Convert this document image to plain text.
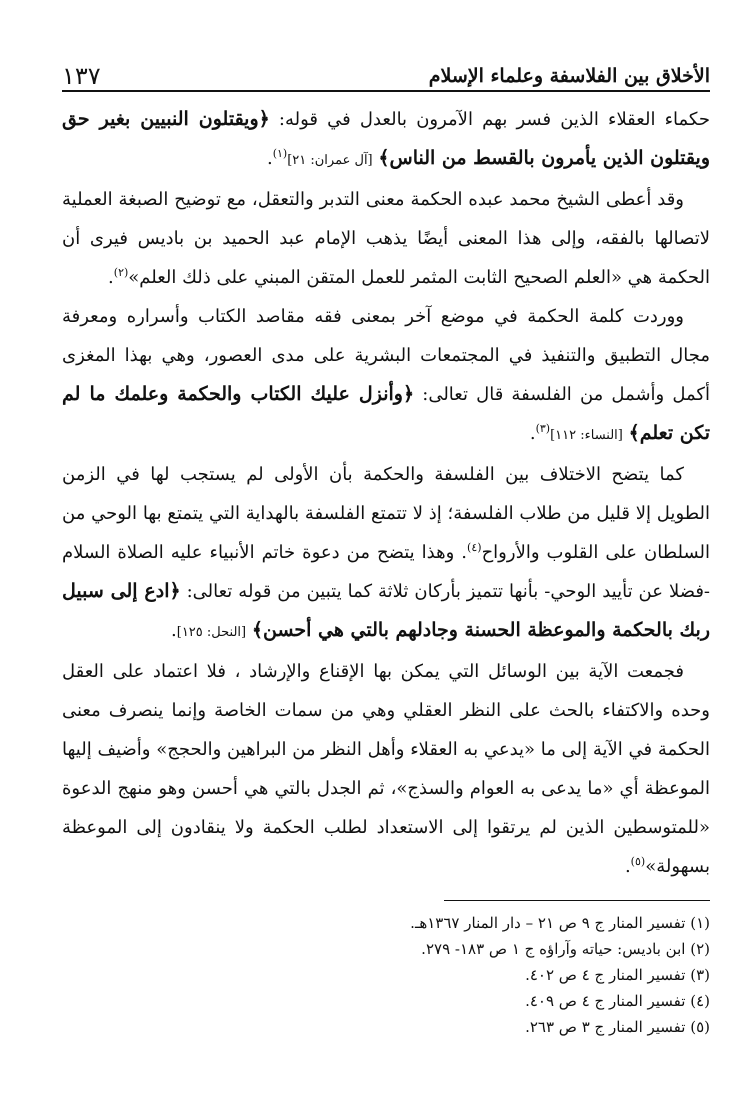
الأخلاق بين الفلاسفة وعلماء الإسلام
١٣٧

حكماء العقلاء الذين فسر بهم الآمرون بالعدل في قوله: ﴿ويقتلون النبيين بغير حق ويقتلون الذين يأمرون بالقسط من الناس﴾ [آل عمران: ٢١]$^{(١)}$.

وقد أعطى الشيخ محمد عبده الحكمة معنى التدبر والتعقل، مع توضيح الصبغة العملية لاتصالها بالفقه، وإلى هذا المعنى أيضًا يذهب الإمام عبد الحميد بن باديس فيرى أن الحكمة هي «العلم الصحيح الثابت المثمر للعمل المتقن المبني على ذلك العلم»$^{(٢)}$.

ووردت كلمة الحكمة في موضع آخر بمعنى فقه مقاصد الكتاب وأسراره ومعرفة مجال التطبيق والتنفيذ في المجتمعات البشرية على مدى العصور، وهي بهذا المغزى أكمل وأشمل من الفلسفة قال تعالى: ﴿وأنزل عليك الكتاب والحكمة وعلمك ما لم تكن تعلم﴾ [النساء: ١١٢]$^{(٣)}$.

كما يتضح الاختلاف بين الفلسفة والحكمة بأن الأولى لم يستجب لها في الزمن الطويل إلا قليل من طلاب الفلسفة؛ إذ لا تتمتع الفلسفة بالهداية التي يتمتع بها الوحي من السلطان على القلوب والأرواح$^{(٤)}$. وهذا يتضح من دعوة خاتم الأنبياء عليه الصلاة السلام -فضلا عن تأييد الوحي- بأنها تتميز بأركان ثلاثة كما يتبين من قوله تعالى: ﴿ادع إلى سبيل ربك بالحكمة والموعظة الحسنة وجادلهم بالتي هي أحسن﴾ [النحل: ١٢٥].

فجمعت الآية بين الوسائل التي يمكن بها الإقناع والإرشاد ، فلا اعتماد على العقل وحده والاكتفاء بالحث على النظر العقلي وهي من سمات الخاصة وإنما ينصرف معنى الحكمة في الآية إلى ما «يدعي به العقلاء وأهل النظر من البراهين والحجج» وأضيف إليها الموعظة أي «ما يدعى به العوام والسذج»، ثم الجدل بالتي هي أحسن وهو منهج الدعوة «للمتوسطين الذين لم يرتقوا إلى الاستعداد لطلب الحكمة ولا ينقادون إلى الموعظة بسهولة»$^{(٥)}$.

(١) تفسير المنار ج ٩ ص ٢١ – دار المنار ١٣٦٧هـ.
(٢) ابن باديس: حياته وآراؤه ج ١ ص ١٨٣- ٢٧٩.
(٣) تفسير المنار ج ٤ ص ٤٠٢.
(٤) تفسير المنار ج ٤ ص ٤٠٩.
(٥) تفسير المنار ج ٣ ص ٢٦٣.
